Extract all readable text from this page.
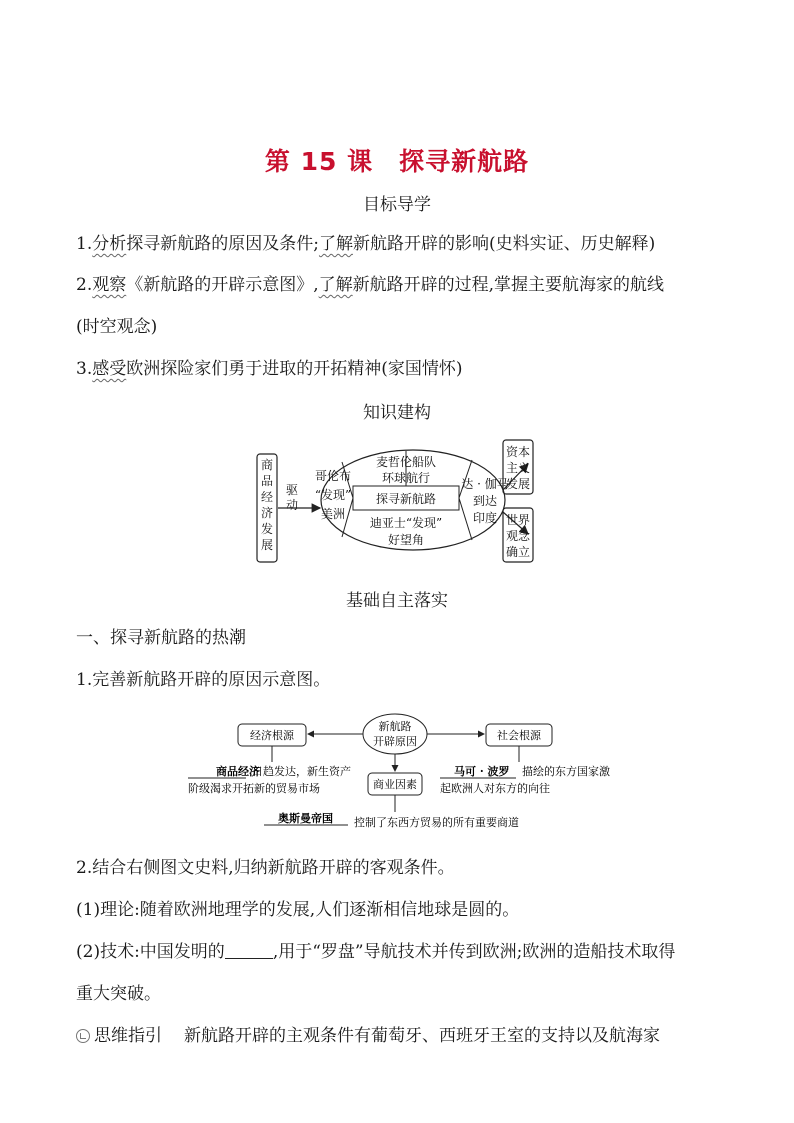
第 15 课　探寻新航路
目标导学
1.分析探寻新航路的原因及条件;了解新航路开辟的影响(史料实证、历史解释)
2.观察《新航路的开辟示意图》,了解新航路开辟的过程,掌握主要航海家的航线
(时空观念)
3.感受欧洲探险家们勇于进取的开拓精神(家国情怀)
知识建构
商
品
经
济
发
展
驱
动	探寻新航路
哥伦布
“发现”
美洲
麦哲伦船队
环球航行
迪亚士“发现”
好望角
达 · 伽马
到达
印度
资本
主义
发展
世界
观念
确立
基础自主落实
一、探寻新航路的热潮
1.完善新航路开辟的原因示意图。
新航路
开辟原因
经济根源	社会根源
商业因素
商品经济
日趋发达，新生资产
阶级渴求开拓新的贸易市场
马可 · 波罗 描绘的东方国家激
起欧洲人对东方的向往
奥斯曼帝国 控制了东西方贸易的所有重要商道
2.结合右侧图文史料,归纳新航路开辟的客观条件。
(1)理论:随着欧洲地理学的发展,人们逐渐相信地球是圆的。
(2)技术:中国发明的	,用于“罗盘”导航技术并传到欧洲;欧洲的造船技术取得
重大突破。
思维指引 新航路开辟的主观条件有葡萄牙、西班牙王室的支持以及航海家
